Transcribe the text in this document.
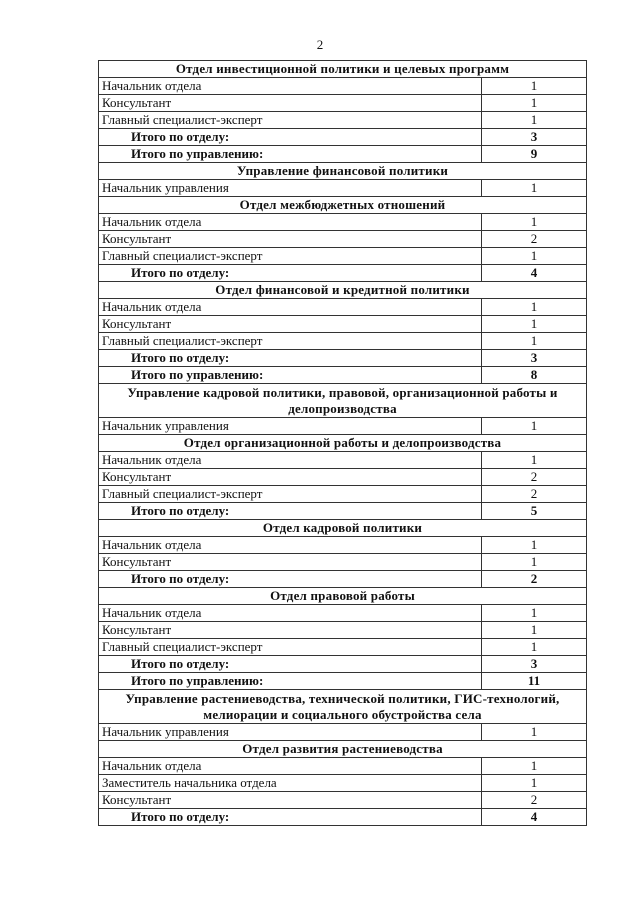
2
Отдел инвестиционной политики и целевых программ	
Начальник отдела	1
Консультант	1
Главный специалист-эксперт	1
Итого по отделу:	3
Итого по управлению:	9
Управление финансовой политики	
Начальник управления	1
Отдел межбюджетных отношений	
Начальник отдела	1
Консультант	2
Главный специалист-эксперт	1
Итого по отделу:	4
Отдел финансовой и кредитной политики	
Начальник отдела	1
Консультант	1
Главный специалист-эксперт	1
Итого по отделу:	3
Итого по управлению:	8
Управление кадровой политики, правовой, организационной работы и делопроизводства	
Начальник управления	1
Отдел организационной работы и делопроизводства	
Начальник отдела	1
Консультант	2
Главный специалист-эксперт	2
Итого по отделу:	5
Отдел кадровой политики	
Начальник отдела	1
Консультант	1
Итого по отделу:	2
Отдел правовой работы	
Начальник отдела	1
Консультант	1
Главный специалист-эксперт	1
Итого по отделу:	3
Итого по управлению:	11
Управление растениеводства, технической политики, ГИС-технологий, мелиорации и социального обустройства села	
Начальник управления	1
Отдел развития растениеводства	
Начальник отдела	1
Заместитель начальника отдела	1
Консультант	2
Итого по отделу:	4
